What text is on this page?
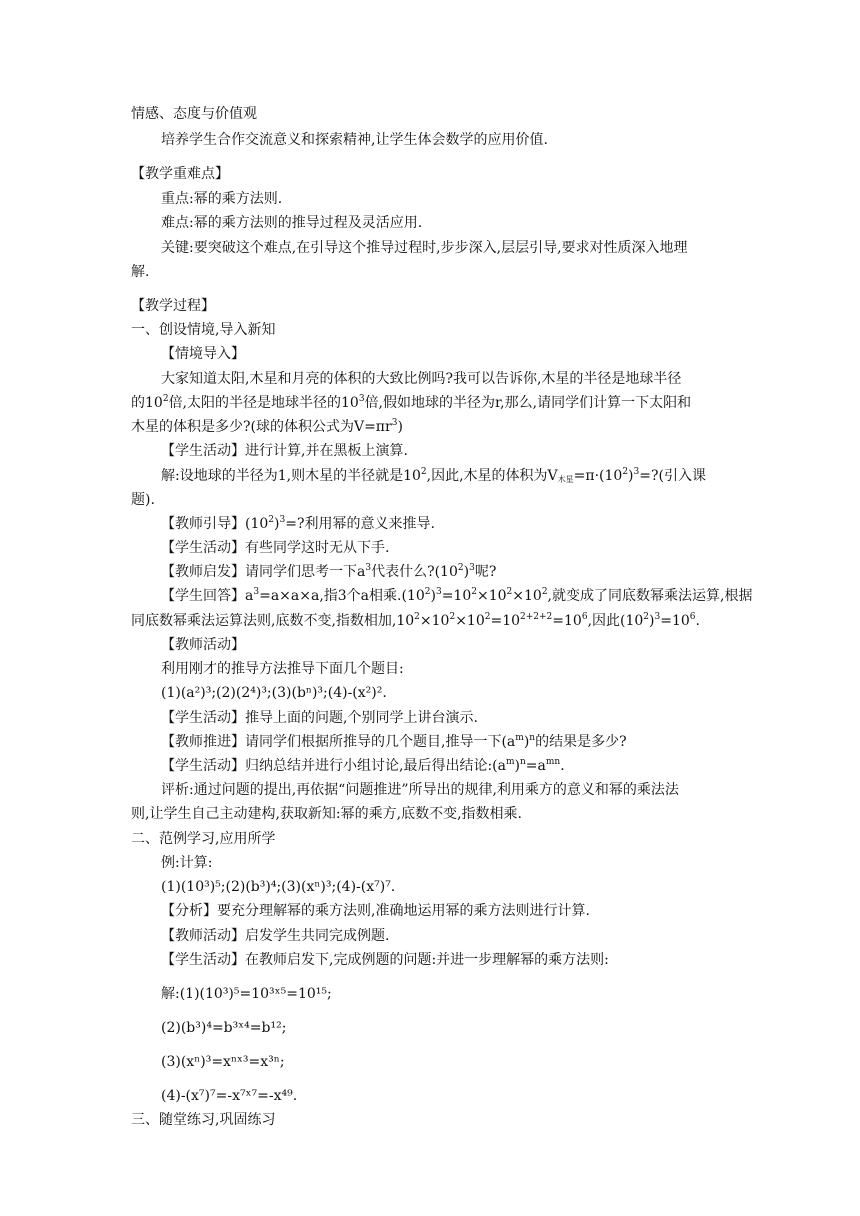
情感、态度与价值观
培养学生合作交流意义和探索精神,让学生体会数学的应用价值.
【教学重难点】
重点:幂的乘方法则.
难点:幂的乘方法则的推导过程及灵活应用.
关键:要突破这个难点,在引导这个推导过程时,步步深入,层层引导,要求对性质深入地理
解.
【教学过程】
一、创设情境,导入新知
【情境导入】
大家知道太阳,木星和月亮的体积的大致比例吗?我可以告诉你,木星的半径是地球半径
的$10^2$倍,太阳的半径是地球半径的$10^3$倍,假如地球的半径为r,那么,请同学们计算一下太阳和
木星的体积是多少?(球的体积公式为$V=\pi r^3$)
【学生活动】进行计算,并在黑板上演算.
解:设地球的半径为1,则木星的半径就是$10^2$,因此,木星的体积为$V_{木星}=\pi\cdot(10^2)^3=$?(引入课
题).
【教师引导】$(10^2)^3=$?利用幂的意义来推导.
【学生活动】有些同学这时无从下手.
【教师启发】请同学们思考一下$a^3$代表什么$?(10^2)^3$呢?
【学生回答】$a^3=a\times a\times a$,指3个a相乘$.(10^2)^3=10^2\times 10^2\times 10^2$,就变成了同底数幂乘法运算,根据
同底数幂乘法运算法则,底数不变,指数相加$,10^2\times 10^2\times 10^2=10^{2+2+2}=10^6$,因此$(10^2)^3=10^6$.
【教师活动】
利用刚才的推导方法推导下面几个题目:
(1)(a²)³;(2)(2⁴)³;(3)(bⁿ)³;(4)-(x²)².
【学生活动】推导上面的问题,个别同学上讲台演示.
【教师推进】请同学们根据所推导的几个题目,推导一下$(a^m)^n$的结果是多少?
【学生活动】归纳总结并进行小组讨论,最后得出结论$:(a^m)^n=a^{mn}$.
评析:通过问题的提出,再依据“问题推进”所导出的规律,利用乘方的意义和幂的乘法法
则,让学生自己主动建构,获取新知:幂的乘方,底数不变,指数相乘.
二、范例学习,应用所学
例:计算:
(1)(10³)⁵;(2)(b³)⁴;(3)(xⁿ)³;(4)-(x⁷)⁷.
【分析】要充分理解幂的乘方法则,准确地运用幂的乘方法则进行计算.
【教师活动】启发学生共同完成例题.
【学生活动】在教师启发下,完成例题的问题:并进一步理解幂的乘方法则:
解:(1)(10³)⁵=10³ˣ⁵=10¹⁵;
(2)(b³)⁴=b³ˣ⁴=b¹²;
(3)(xⁿ)³=xⁿˣ³=x³ⁿ;
(4)-(x⁷)⁷=-x⁷ˣ⁷=-x⁴⁹.
三、随堂练习,巩固练习
